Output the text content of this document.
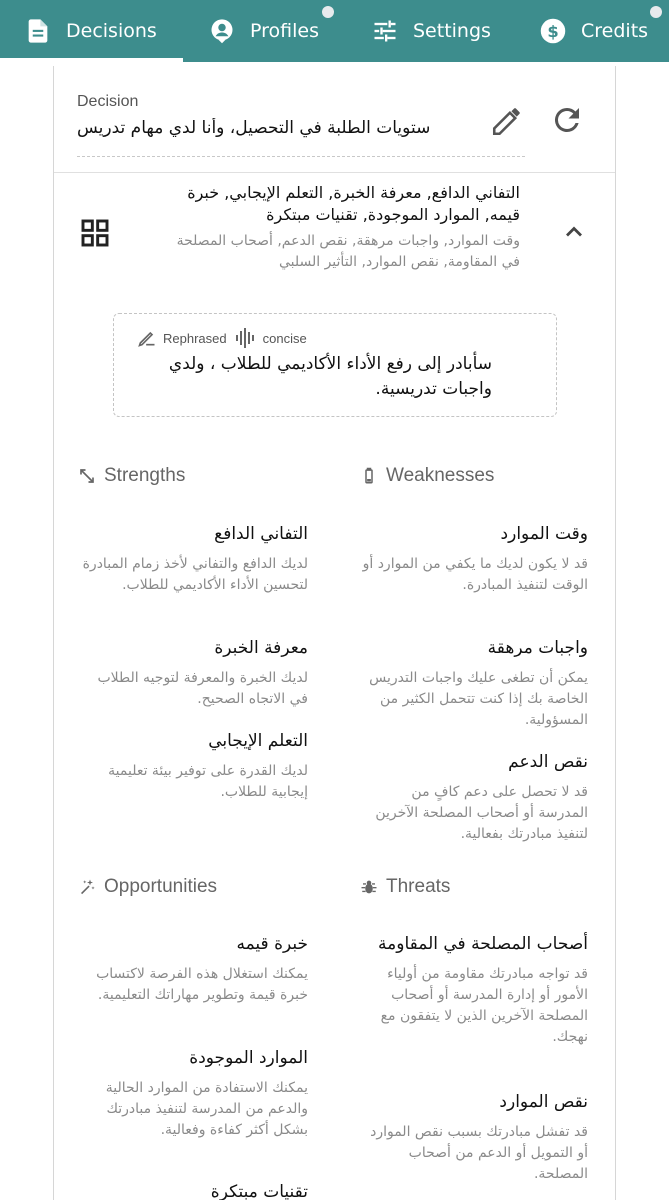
Decisions	Profiles	Settings	$ Credits
Decision
ستويات الطلبة في التحصيل، وأنا لدي مهام تدريس
التفاني الدافع, معرفة الخبرة, التعلم الإيجابي, خبرة قيمه, الموارد الموجودة, تقنيات مبتكرة
وقت الموارد, واجبات مرهقة, نقص الدعم, أصحاب المصلحة في المقاومة, نقص الموارد, التأثير السلبي
Rephrased	concise
سأبادر إلى رفع الأداء الأكاديمي للطلاب ، ولدي واجبات تدريسية.
Strengths
التفاني الدافع
لديك الدافع والتفاني لأخذ زمام المبادرة لتحسين الأداء الأكاديمي للطلاب.
معرفة الخبرة
لديك الخبرة والمعرفة لتوجيه الطلاب في الاتجاه الصحيح.
التعلم الإيجابي
لديك القدرة على توفير بيئة تعليمية إيجابية للطلاب.
Weaknesses
وقت الموارد
قد لا يكون لديك ما يكفي من الموارد أو الوقت لتنفيذ المبادرة.
واجبات مرهقة
يمكن أن تطغى عليك واجبات التدريس الخاصة بك إذا كنت تتحمل الكثير من المسؤولية.
نقص الدعم
قد لا تحصل على دعم كافٍ من المدرسة أو أصحاب المصلحة الآخرين لتنفيذ مبادرتك بفعالية.
Opportunities
خبرة قيمه
يمكنك استغلال هذه الفرصة لاكتساب خبرة قيمة وتطوير مهاراتك التعليمية.
الموارد الموجودة
يمكنك الاستفادة من الموارد الحالية والدعم من المدرسة لتنفيذ مبادرتك بشكل أكثر كفاءة وفعالية.
تقنيات مبتكرة
Threats
أصحاب المصلحة في المقاومة
قد تواجه مبادرتك مقاومة من أولياء الأمور أو إدارة المدرسة أو أصحاب المصلحة الآخرين الذين لا يتفقون مع نهجك.
نقص الموارد
قد تفشل مبادرتك بسبب نقص الموارد أو التمويل أو الدعم من أصحاب المصلحة.
